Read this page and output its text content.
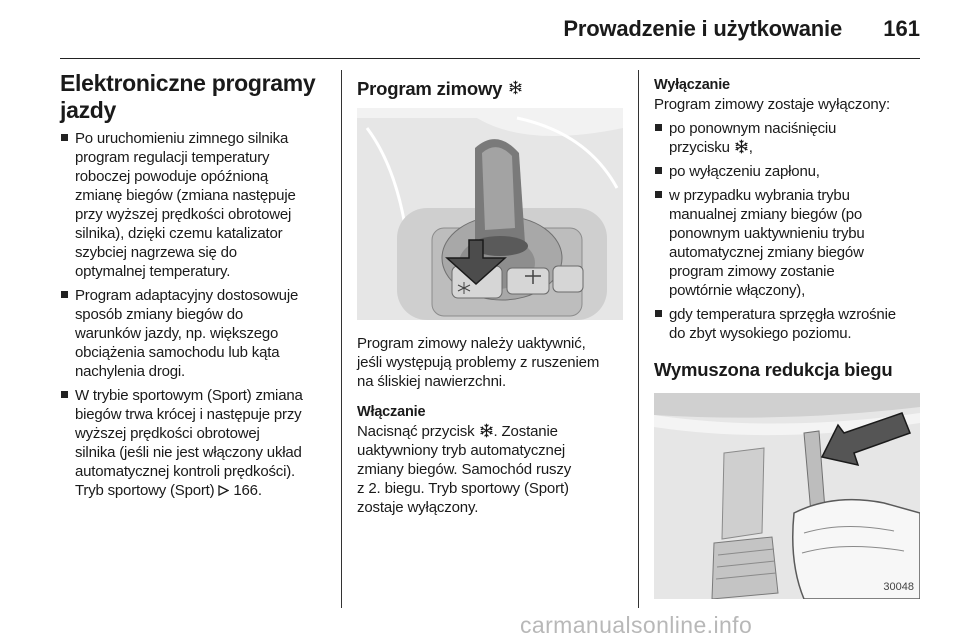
Prowadzenie i użytkowanie 161
Elektroniczne programy
jazdy
Po uruchomieniu zimnego silnika
program regulacji temperatury
roboczej powoduje opóźnioną
zmianę biegów (zmiana następuje
przy wyższej prędkości obrotowej
silnika), dzięki czemu katalizator
szybciej nagrzewa się do
optymalnej temperatury.
Program adaptacyjny dostosowuje
sposób zmiany biegów do
warunków jazdy, np. większego
obciążenia samochodu lub kąta
nachylenia drogi.
W trybie sportowym (Sport) zmiana
biegów trwa krócej i następuje przy
wyższej prędkości obrotowej
silnika (jeśli nie jest włączony układ
automatycznej kontroli prędkości).
Tryb sportowy (Sport)  166.
Program zimowy
Program zimowy należy uaktywnić,
jeśli występują problemy z ruszeniem
na śliskiej nawierzchni.
Włączanie
Nacisnąć przycisk
. Zostanie
uaktywniony tryb automatycznej
zmiany biegów. Samochód ruszy
z 2. biegu. Tryb sportowy (Sport)
zostaje wyłączony.
Wyłączanie
Program zimowy zostaje wyłączony:
po ponownym naciśnięciu
przycisku
,
po wyłączeniu zapłonu,
w przypadku wybrania trybu
manualnej zmiany biegów (po
ponownym uaktywnieniu trybu
automatycznej zmiany biegów
program zimowy zostanie
powtórnie włączony),
gdy temperatura sprzęgła wzrośnie
do zbyt wysokiego poziomu.
Wymuszona redukcja biegu
30048
carmanualsonline.info
